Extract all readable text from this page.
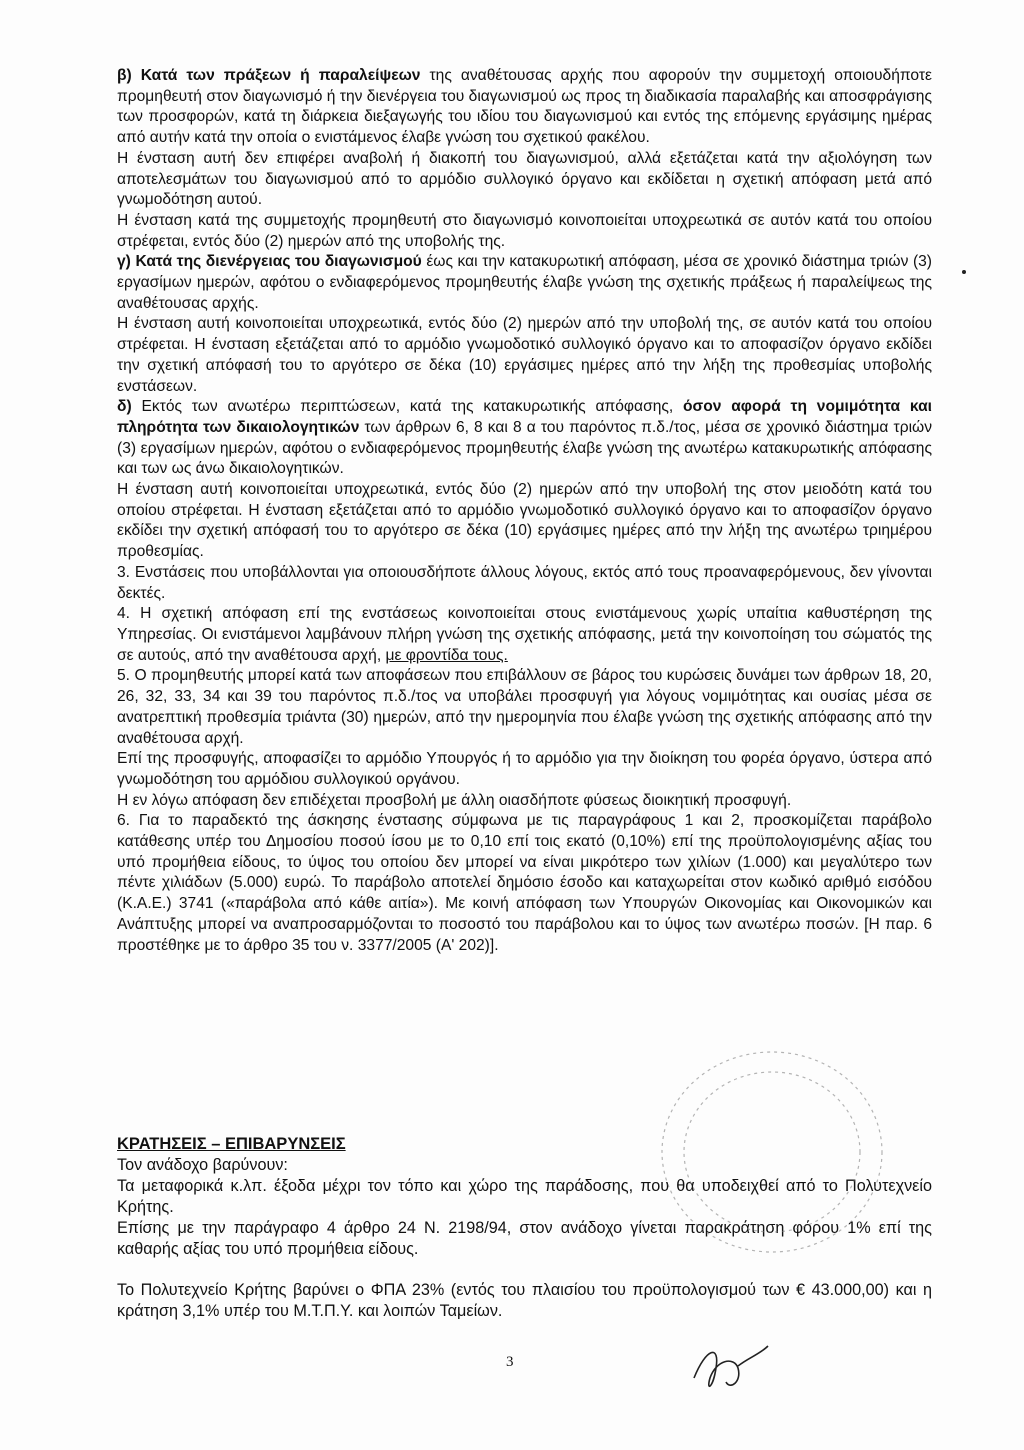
β) Κατά των πράξεων ή παραλείψεων της αναθέτουσας αρχής που αφορούν την συμμετοχή οποιουδήποτε προμηθευτή στον διαγωνισμό ή την διενέργεια του διαγωνισμού ως προς τη διαδικασία παραλαβής και αποσφράγισης των προσφορών, κατά τη διάρκεια διεξαγωγής του ιδίου του διαγωνισμού και εντός της επόμενης εργάσιμης ημέρας από αυτήν κατά την οποία ο ενιστάμενος έλαβε γνώση του σχετικού φακέλου.

Η ένσταση αυτή δεν επιφέρει αναβολή ή διακοπή του διαγωνισμού, αλλά εξετάζεται κατά την αξιολόγηση των αποτελεσμάτων του διαγωνισμού από το αρμόδιο συλλογικό όργανο και εκδίδεται η σχετική απόφαση μετά από γνωμοδότηση αυτού.

Η ένσταση κατά της συμμετοχής προμηθευτή στο διαγωνισμό κοινοποιείται υποχρεωτικά σε αυτόν κατά του οποίου στρέφεται, εντός δύο (2) ημερών από της υποβολής της.

γ) Κατά της διενέργειας του διαγωνισμού έως και την κατακυρωτική απόφαση, μέσα σε χρονικό διάστημα τριών (3) εργασίμων ημερών, αφότου ο ενδιαφερόμενος προμηθευτής έλαβε γνώση της σχετικής πράξεως ή παραλείψεως της αναθέτουσας αρχής.

Η ένσταση αυτή κοινοποιείται υποχρεωτικά, εντός δύο (2) ημερών από την υποβολή της, σε αυτόν κατά του οποίου στρέφεται. Η ένσταση εξετάζεται από το αρμόδιο γνωμοδοτικό συλλογικό όργανο και το αποφασίζον όργανο εκδίδει την σχετική απόφασή του το αργότερο σε δέκα (10) εργάσιμες ημέρες από την λήξη της προθεσμίας υποβολής ενστάσεων.

δ) Εκτός των ανωτέρω περιπτώσεων, κατά της κατακυρωτικής απόφασης, όσον αφορά τη νομιμότητα και πληρότητα των δικαιολογητικών των άρθρων 6, 8 και 8 α του παρόντος π.δ./τος, μέσα σε χρονικό διάστημα τριών (3) εργασίμων ημερών, αφότου ο ενδιαφερόμενος προμηθευτής έλαβε γνώση της ανωτέρω κατακυρωτικής απόφασης και των ως άνω δικαιολογητικών.

Η ένσταση αυτή κοινοποιείται υποχρεωτικά, εντός δύο (2) ημερών από την υποβολή της στον μειοδότη κατά του οποίου στρέφεται. Η ένσταση εξετάζεται από το αρμόδιο γνωμοδοτικό συλλογικό όργανο και το αποφασίζον όργανο εκδίδει την σχετική απόφασή του το αργότερο σε δέκα (10) εργάσιμες ημέρες από την λήξη της ανωτέρω τριημέρου προθεσμίας.

3. Ενστάσεις που υποβάλλονται για οποιουσδήποτε άλλους λόγους, εκτός από τους προαναφερόμενους, δεν γίνονται δεκτές.

4. Η σχετική απόφαση επί της ενστάσεως κοινοποιείται στους ενιστάμενους χωρίς υπαίτια καθυστέρηση της Υπηρεσίας. Οι ενιστάμενοι λαμβάνουν πλήρη γνώση της σχετικής απόφασης, μετά την κοινοποίηση του σώματός της σε αυτούς, από την αναθέτουσα αρχή, με φροντίδα τους.

5. Ο προμηθευτής μπορεί κατά των αποφάσεων που επιβάλλουν σε βάρος του κυρώσεις δυνάμει των άρθρων 18, 20, 26, 32, 33, 34 και 39 του παρόντος π.δ./τος να υποβάλει προσφυγή για λόγους νομιμότητας και ουσίας μέσα σε ανατρεπτική προθεσμία τριάντα (30) ημερών, από την ημερομηνία που έλαβε γνώση της σχετικής απόφασης από την αναθέτουσα αρχή.

Επί της προσφυγής, αποφασίζει το αρμόδιο Υπουργός ή το αρμόδιο για την διοίκηση του φορέα όργανο, ύστερα από γνωμοδότηση του αρμόδιου συλλογικού οργάνου.

Η εν λόγω απόφαση δεν επιδέχεται προσβολή με άλλη οιασδήποτε φύσεως διοικητική προσφυγή.

6. Για το παραδεκτό της άσκησης ένστασης σύμφωνα με τις παραγράφους 1 και 2, προσκομίζεται παράβολο κατάθεσης υπέρ του Δημοσίου ποσού ίσου με το 0,10 επί τοις εκατό (0,10%) επί της προϋπολογισμένης αξίας του υπό προμήθεια είδους, το ύψος του οποίου δεν μπορεί να είναι μικρότερο των χιλίων (1.000) και μεγαλύτερο των πέντε χιλιάδων (5.000) ευρώ. Το παράβολο αποτελεί δημόσιο έσοδο και καταχωρείται στον κωδικό αριθμό εισόδου (Κ.Α.Ε.) 3741 («παράβολα από κάθε αιτία»). Με κοινή απόφαση των Υπουργών Οικονομίας και Οικονομικών και Ανάπτυξης μπορεί να αναπροσαρμόζονται το ποσοστό του παράβολου και το ύψος των ανωτέρω ποσών. [Η παρ. 6 προστέθηκε με το άρθρο 35 του ν. 3377/2005 (Α' 202)].

ΚΡΑΤΗΣΕΙΣ – ΕΠΙΒΑΡΥΝΣΕΙΣ

Τον ανάδοχο βαρύνουν:

Τα μεταφορικά κ.λπ. έξοδα μέχρι τον τόπο και χώρο της παράδοσης, που θα υποδειχθεί από το Πολυτεχνείο Κρήτης.

Επίσης με την παράγραφο 4 άρθρο 24 Ν. 2198/94, στον ανάδοχο γίνεται παρακράτηση φόρου 1% επί της καθαρής αξίας του υπό προμήθεια είδους.

Το Πολυτεχνείο Κρήτης βαρύνει ο ΦΠΑ 23% (εντός του πλαισίου του προϋπολογισμού των € 43.000,00) και η κράτηση 3,1% υπέρ του Μ.Τ.Π.Υ. και λοιπών Ταμείων.

3
